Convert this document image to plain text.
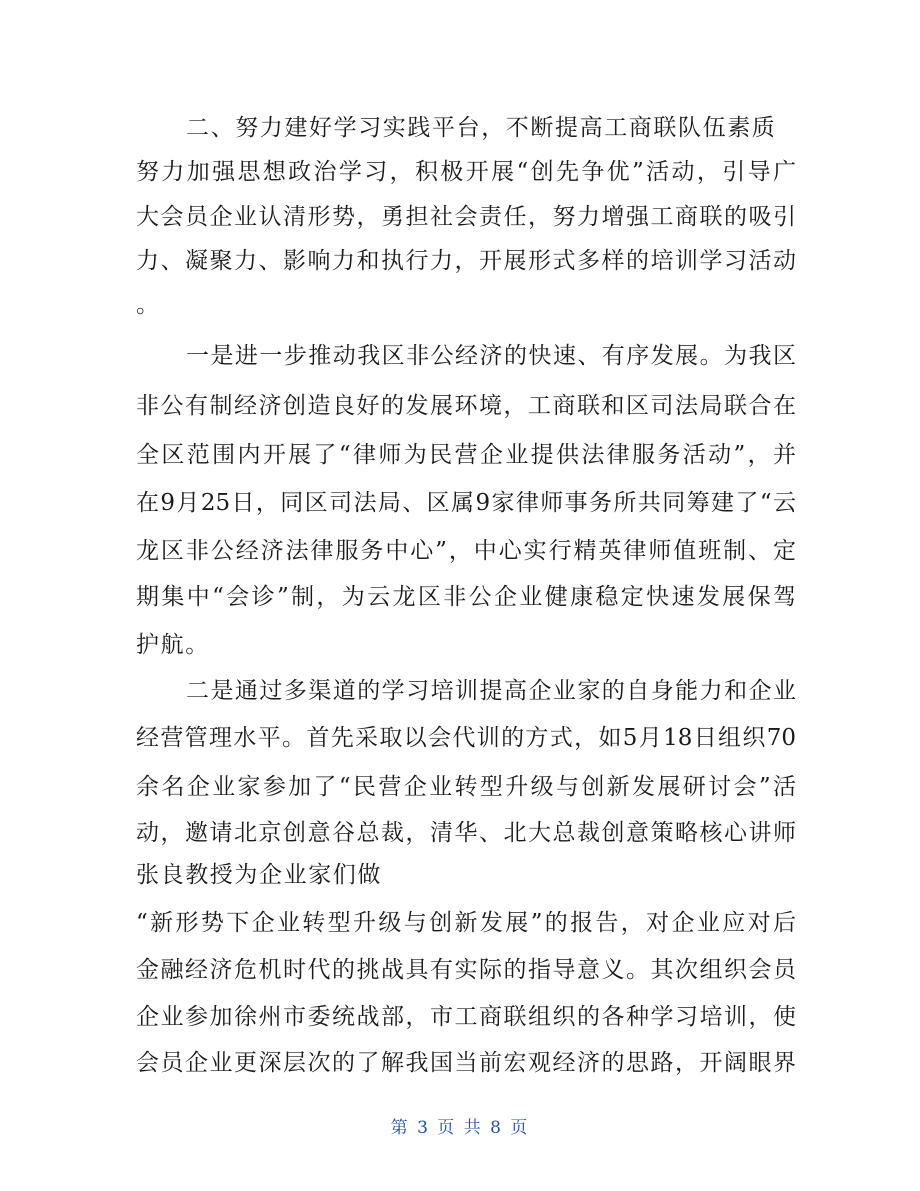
二、努力建好学习实践平台，不断提高工商联队伍素质
努力加强思想政治学习，积极开展“创先争优”活动，引导广
大会员企业认清形势，勇担社会责任，努力增强工商联的吸引
力、凝聚力、影响力和执行力，开展形式多样的培训学习活动
。
一是进一步推动我区非公经济的快速、有序发展。为我区
非公有制经济创造良好的发展环境，工商联和区司法局联合在
全区范围内开展了“律师为民营企业提供法律服务活动”，并
在9月25日，同区司法局、区属9家律师事务所共同筹建了“云
龙区非公经济法律服务中心”，中心实行精英律师值班制、定
期集中“会诊”制，为云龙区非公企业健康稳定快速发展保驾
护航。
二是通过多渠道的学习培训提高企业家的自身能力和企业
经营管理水平。首先采取以会代训的方式，如5月18日组织70
余名企业家参加了“民营企业转型升级与创新发展研讨会”活
动，邀请北京创意谷总裁，清华、北大总裁创意策略核心讲师
张良教授为企业家们做
“新形势下企业转型升级与创新发展”的报告，对企业应对后
金融经济危机时代的挑战具有实际的指导意义。其次组织会员
企业参加徐州市委统战部，市工商联组织的各种学习培训，使
会员企业更深层次的了解我国当前宏观经济的思路，开阔眼界
第 3 页 共 8 页
